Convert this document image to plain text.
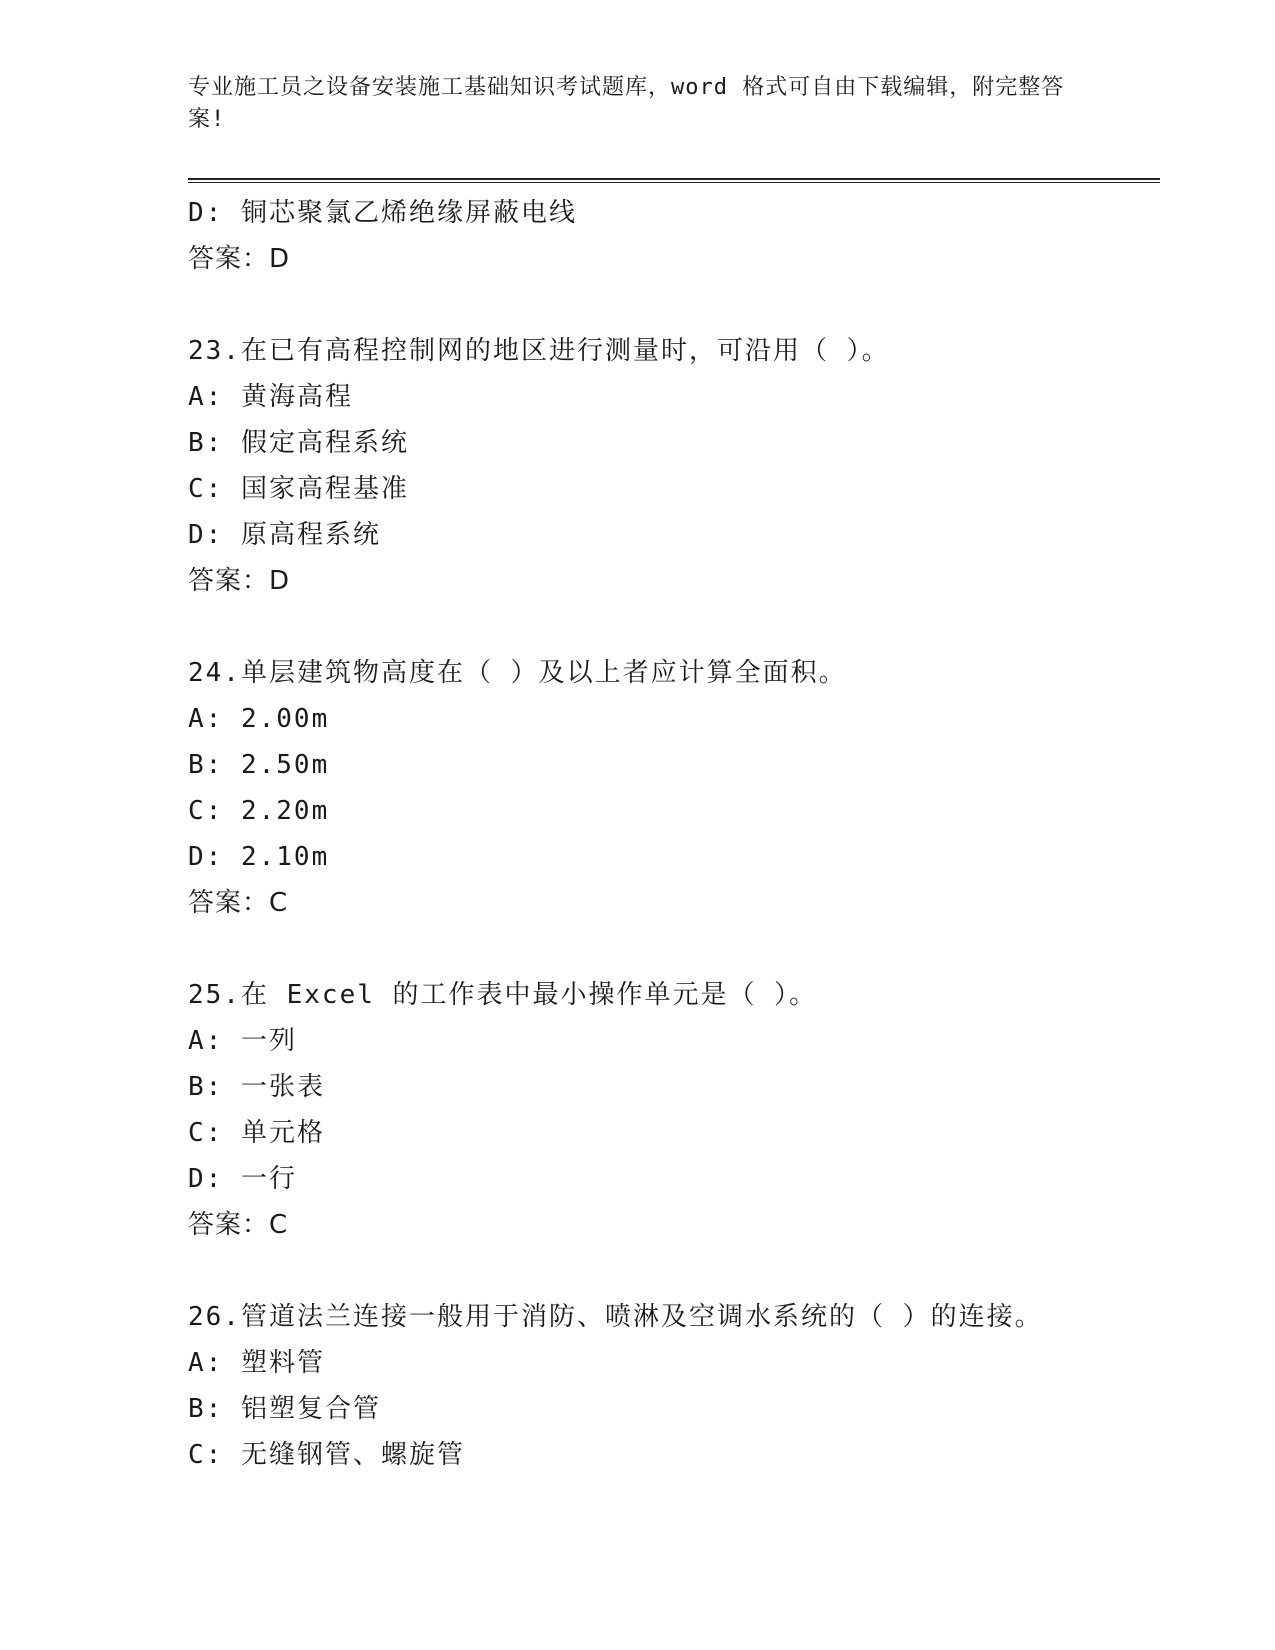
专业施工员之设备安装施工基础知识考试题库，word 格式可自由下载编辑，附完整答案!

D: 铜芯聚氯乙烯绝缘屏蔽电线
答案：D
23.在已有高程控制网的地区进行测量时，可沿用（ ）。
A: 黄海高程
B: 假定高程系统
C: 国家高程基准
D: 原高程系统
答案：D
24.单层建筑物高度在（ ）及以上者应计算全面积。
A: 2.00m
B: 2.50m
C: 2.20m
D: 2.10m
答案：C
25.在 Excel 的工作表中最小操作单元是（ ）。
A: 一列
B: 一张表
C: 单元格
D: 一行
答案：C
26.管道法兰连接一般用于消防、喷淋及空调水系统的（ ）的连接。
A: 塑料管
B: 铝塑复合管
C: 无缝钢管、螺旋管
